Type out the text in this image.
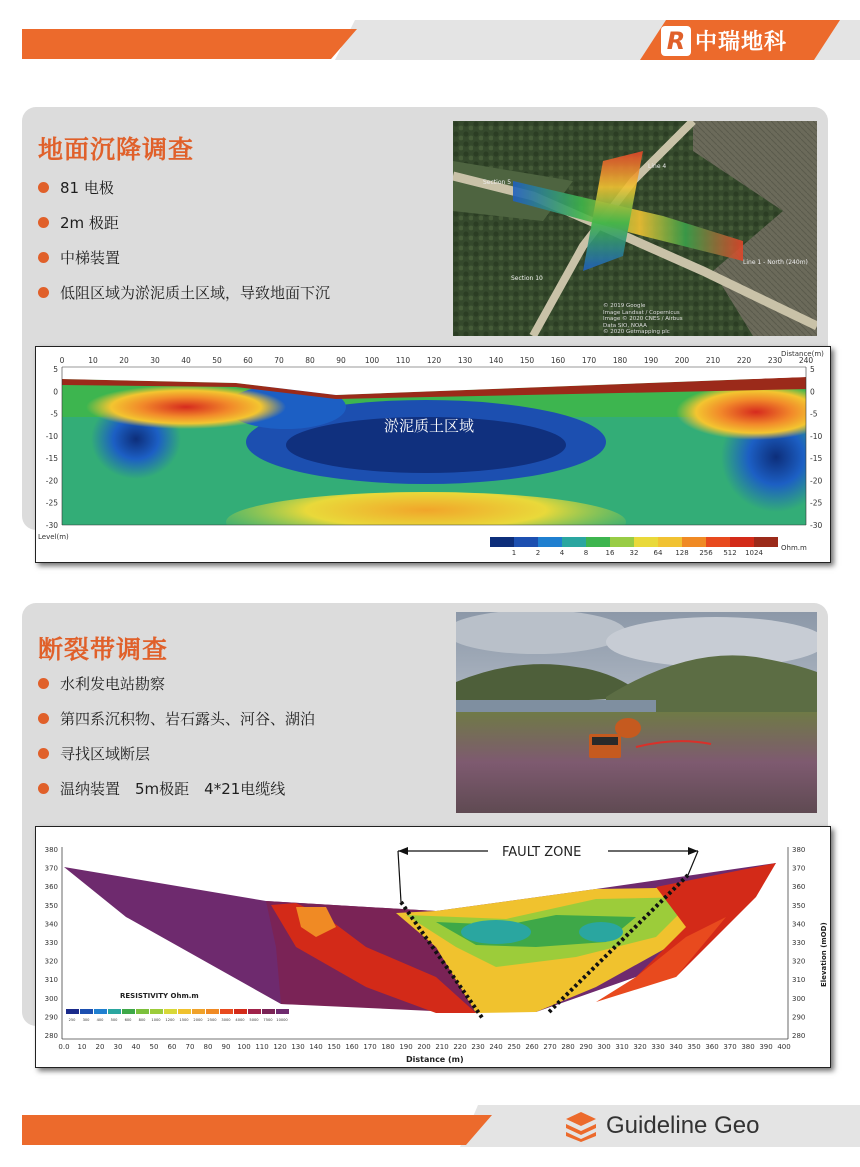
R 中瑞地科
地面沉降调查
81 电极
2m 极距
中梯装置
低阻区域为淤泥质土区域，导致地面下沉
Line 4
Section 5
Line 1 - North (240m)
Section 10
© 2019 Google
Image Landsat / Copernicus
Image © 2020 CNES / Airbus
Data SIO, NOAA
© 2020 Getmapping plc
0	10	20	30	40	50	60	70	80	90	100 110 120 130 140 150 160 170 180 190 200 210 220 230 240
5	5
0	0
-5	-5
-10	-10
-15	-15
-20	-20
-25	-25
-30	-30
1	2	4	8 16 32 64 128 256 512 1024
Distance(m)
Level(m)
Ohm.m
淤泥质土区域
断裂带调查
水利发电站勘察
第四系沉积物、岩石露头、河谷、湖泊
寻找区域断层
温纳装置　5m极距　4*21电缆线
FAULT ZONE
0.0 10 20 30 40 50 60 70 80 90 100 110 120 130 140 150 160 170 180 190 200 210 220 230 240 250 260 270 280 290 300 310 320 330 340 350 360 370 380 390 400
380	380
370	370
360	360
350	350
340	340
330	330
320	320
310	310
300	300
290	290
280	280
250 300 400 500 600 800 1000 1200 1500 2000 2500 3000 4000 5000 7500 10000
RESISTIVITY Ohm.m
Distance (m)
Elevation (mOD)
Guideline Geo
